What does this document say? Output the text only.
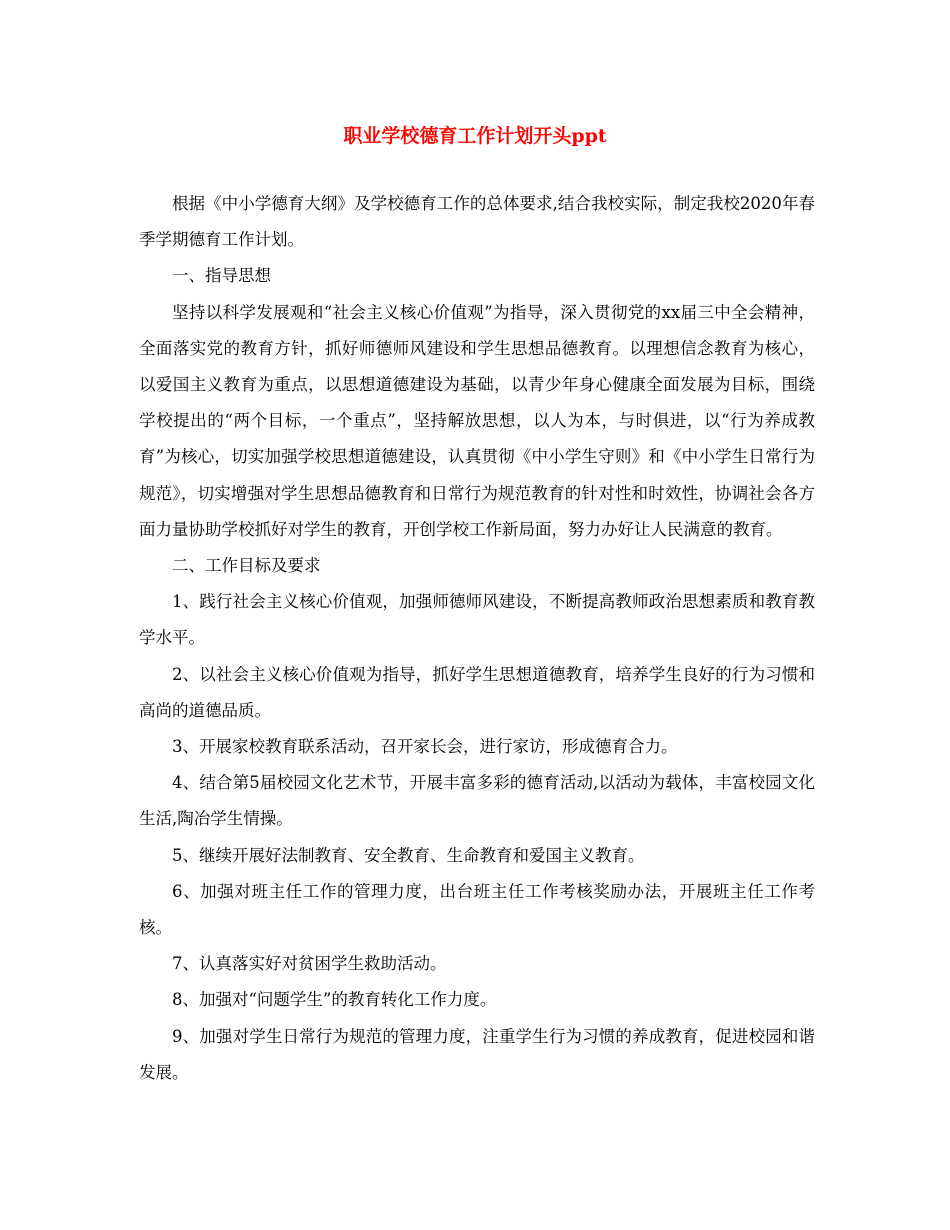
职业学校德育工作计划开头ppt

根据《中小学德育大纲》及学校德育工作的总体要求,结合我校实际，制定我校2020年春季学期德育工作计划。

一、指导思想

坚持以科学发展观和“社会主义核心价值观”为指导，深入贯彻党的xx届三中全会精神，全面落实党的教育方针，抓好师德师风建设和学生思想品德教育。以理想信念教育为核心，以爱国主义教育为重点，以思想道德建设为基础，以青少年身心健康全面发展为目标，围绕学校提出的“两个目标，一个重点”，坚持解放思想，以人为本，与时俱进，以“行为养成教育”为核心，切实加强学校思想道德建设，认真贯彻《中小学生守则》和《中小学生日常行为规范》，切实增强对学生思想品德教育和日常行为规范教育的针对性和时效性，协调社会各方面力量协助学校抓好对学生的教育，开创学校工作新局面，努力办好让人民满意的教育。

二、工作目标及要求

1、践行社会主义核心价值观，加强师德师风建设，不断提高教师政治思想素质和教育教学水平。

2、以社会主义核心价值观为指导，抓好学生思想道德教育，培养学生良好的行为习惯和高尚的道德品质。

3、开展家校教育联系活动，召开家长会，进行家访，形成德育合力。

4、结合第5届校园文化艺术节，开展丰富多彩的德育活动,以活动为载体，丰富校园文化生活,陶冶学生情操。

5、继续开展好法制教育、安全教育、生命教育和爱国主义教育。

6、加强对班主任工作的管理力度，出台班主任工作考核奖励办法，开展班主任工作考核。

7、认真落实好对贫困学生救助活动。

8、加强对“问题学生”的教育转化工作力度。

9、加强对学生日常行为规范的管理力度，注重学生行为习惯的养成教育，促进校园和谐发展。
